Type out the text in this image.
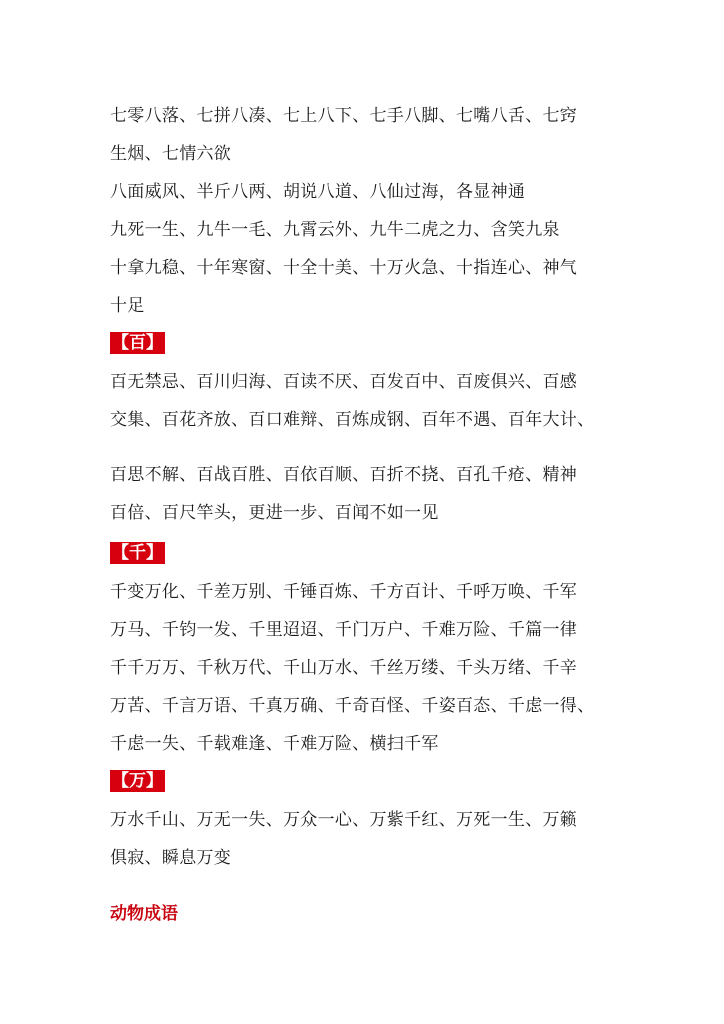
七零八落、七拼八凑、七上八下、七手八脚、七嘴八舌、七窍
生烟、七情六欲
八面威风、半斤八两、胡说八道、八仙过海，各显神通
九死一生、九牛一毛、九霄云外、九牛二虎之力、含笑九泉
十拿九稳、十年寒窗、十全十美、十万火急、十指连心、神气
十足
【百】
百无禁忌、百川归海、百读不厌、百发百中、百废俱兴、百感
交集、百花齐放、百口难辩、百炼成钢、百年不遇、百年大计、
百思不解、百战百胜、百依百顺、百折不挠、百孔千疮、精神
百倍、百尺竿头，更进一步、百闻不如一见
【千】
千变万化、千差万别、千锤百炼、千方百计、千呼万唤、千军
万马、千钧一发、千里迢迢、千门万户、千难万险、千篇一律
千千万万、千秋万代、千山万水、千丝万缕、千头万绪、千辛
万苦、千言万语、千真万确、千奇百怪、千姿百态、千虑一得、
千虑一失、千载难逢、千难万险、横扫千军
【万】
万水千山、万无一失、万众一心、万紫千红、万死一生、万籁
俱寂、瞬息万变
动物成语
